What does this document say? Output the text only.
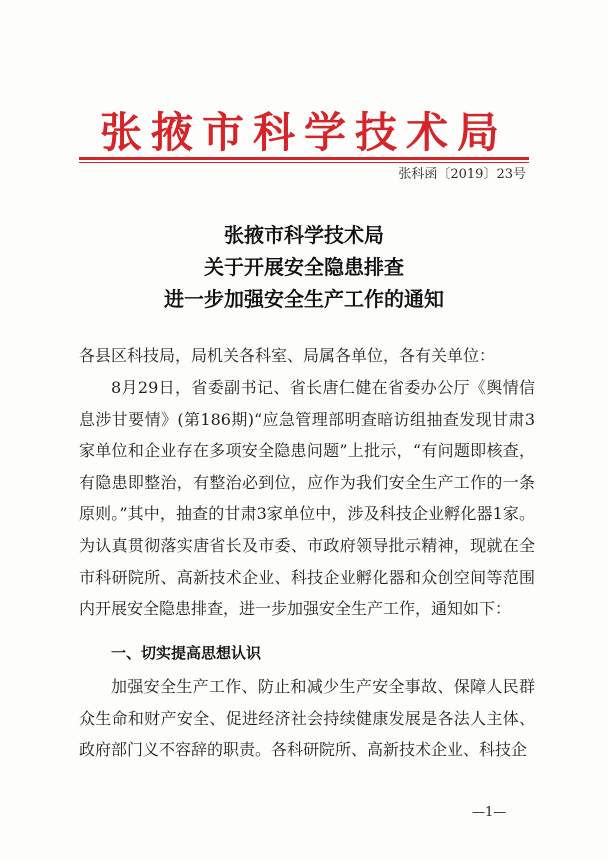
张掖市科学技术局
张科函〔2019〕23号
张掖市科学技术局
关于开展安全隐患排查
进一步加强安全生产工作的通知
各县区科技局，局机关各科室、局属各单位，各有关单位：
8月29日，省委副书记、省长唐仁健在省委办公厅《舆情信息涉甘要情》(第186期)“应急管理部明查暗访组抽查发现甘肃3家单位和企业存在多项安全隐患问题”上批示，“有问题即核查，有隐患即整治，有整治必到位，应作为我们安全生产工作的一条原则。”其中，抽查的甘肃3家单位中，涉及科技企业孵化器1家。为认真贯彻落实唐省长及市委、市政府领导批示精神，现就在全市科研院所、高新技术企业、科技企业孵化器和众创空间等范围内开展安全隐患排查，进一步加强安全生产工作，通知如下：
一、切实提高思想认识
加强安全生产工作、防止和减少生产安全事故、保障人民群众生命和财产安全、促进经济社会持续健康发展是各法人主体、政府部门义不容辞的职责。各科研院所、高新技术企业、科技企
—1—
